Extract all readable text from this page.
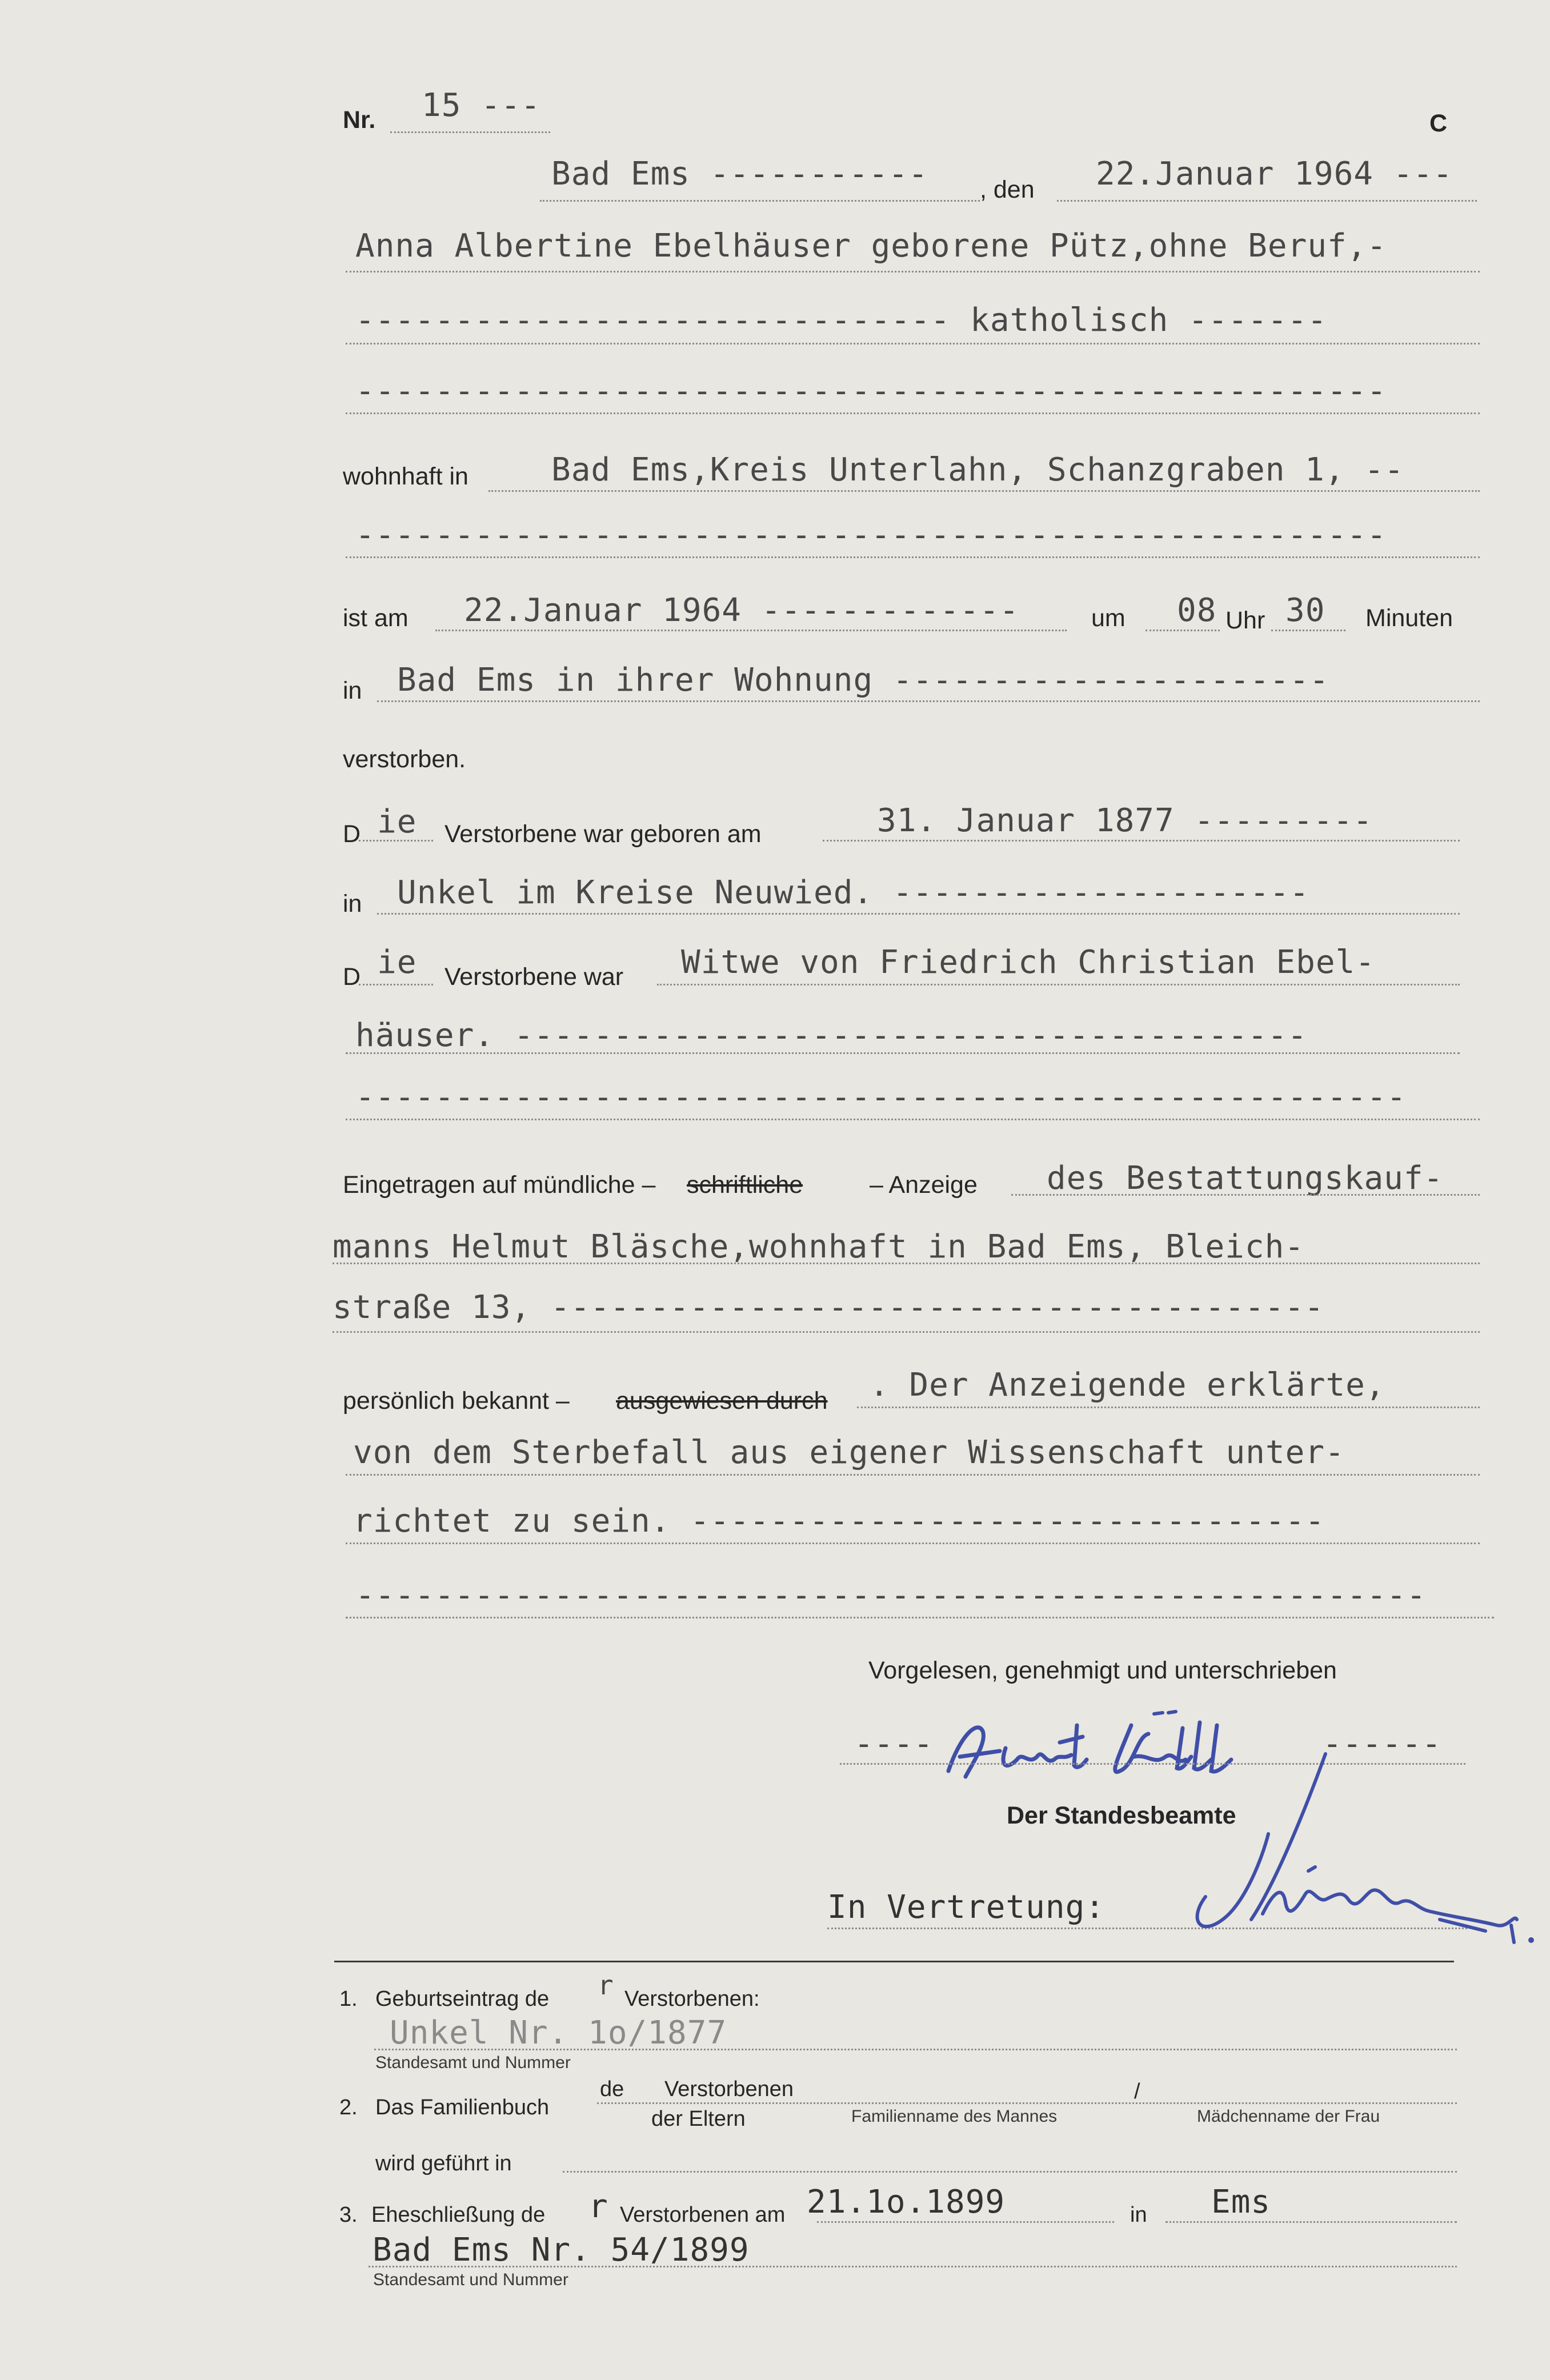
Nr. 15 ---	C
Bad Ems ----------- , den 22.Januar 1964 ---
Anna Albertine Ebelhäuser geborene Pütz,ohne Beruf,-
------------------------------ katholisch -------
----------------------------------------------------
wohnhaft in	Bad Ems,Kreis Unterlahn, Schanzgraben 1, --
----------------------------------------------------
ist am 22.Januar 1964 -------------	um 08 Uhr 30 Minuten
in Bad Ems in ihrer Wohnung ----------------------
verstorben.
D ie Verstorbene war geboren am	31. Januar 1877 ---------
in Unkel im Kreise Neuwied. ---------------------
D ie Verstorbene war Witwe von Friedrich Christian Ebel-
häuser. ----------------------------------------
-----------------------------------------------------
Eingetragen auf mündliche – schriftliche	– Anzeige des Bestattungskauf-
manns Helmut Bläsche,wohnhaft in Bad Ems, Bleich-
straße 13, ---------------------------------------
persönlich bekannt – ausgewiesen durch . Der Anzeigende erklärte,
von dem Sterbefall aus eigener Wissenschaft unter-
richtet zu sein. --------------------------------
------------------------------------------------------
Vorgelesen, genehmigt und unterschrieben
----	------
Der Standesbeamte
In Vertretung:
1. Geburtseintrag de r Verstorbenen:
Unkel Nr. 1o/1877
Standesamt und Nummer
2. Das Familienbuch
de Verstorbenen
der Eltern	Familienname des Mannes
/
Mädchenname der Frau
wird geführt in
3. Eheschließung de r Verstorbenen am 21.1o.1899	in Ems
Bad Ems Nr. 54/1899
Standesamt und Nummer
